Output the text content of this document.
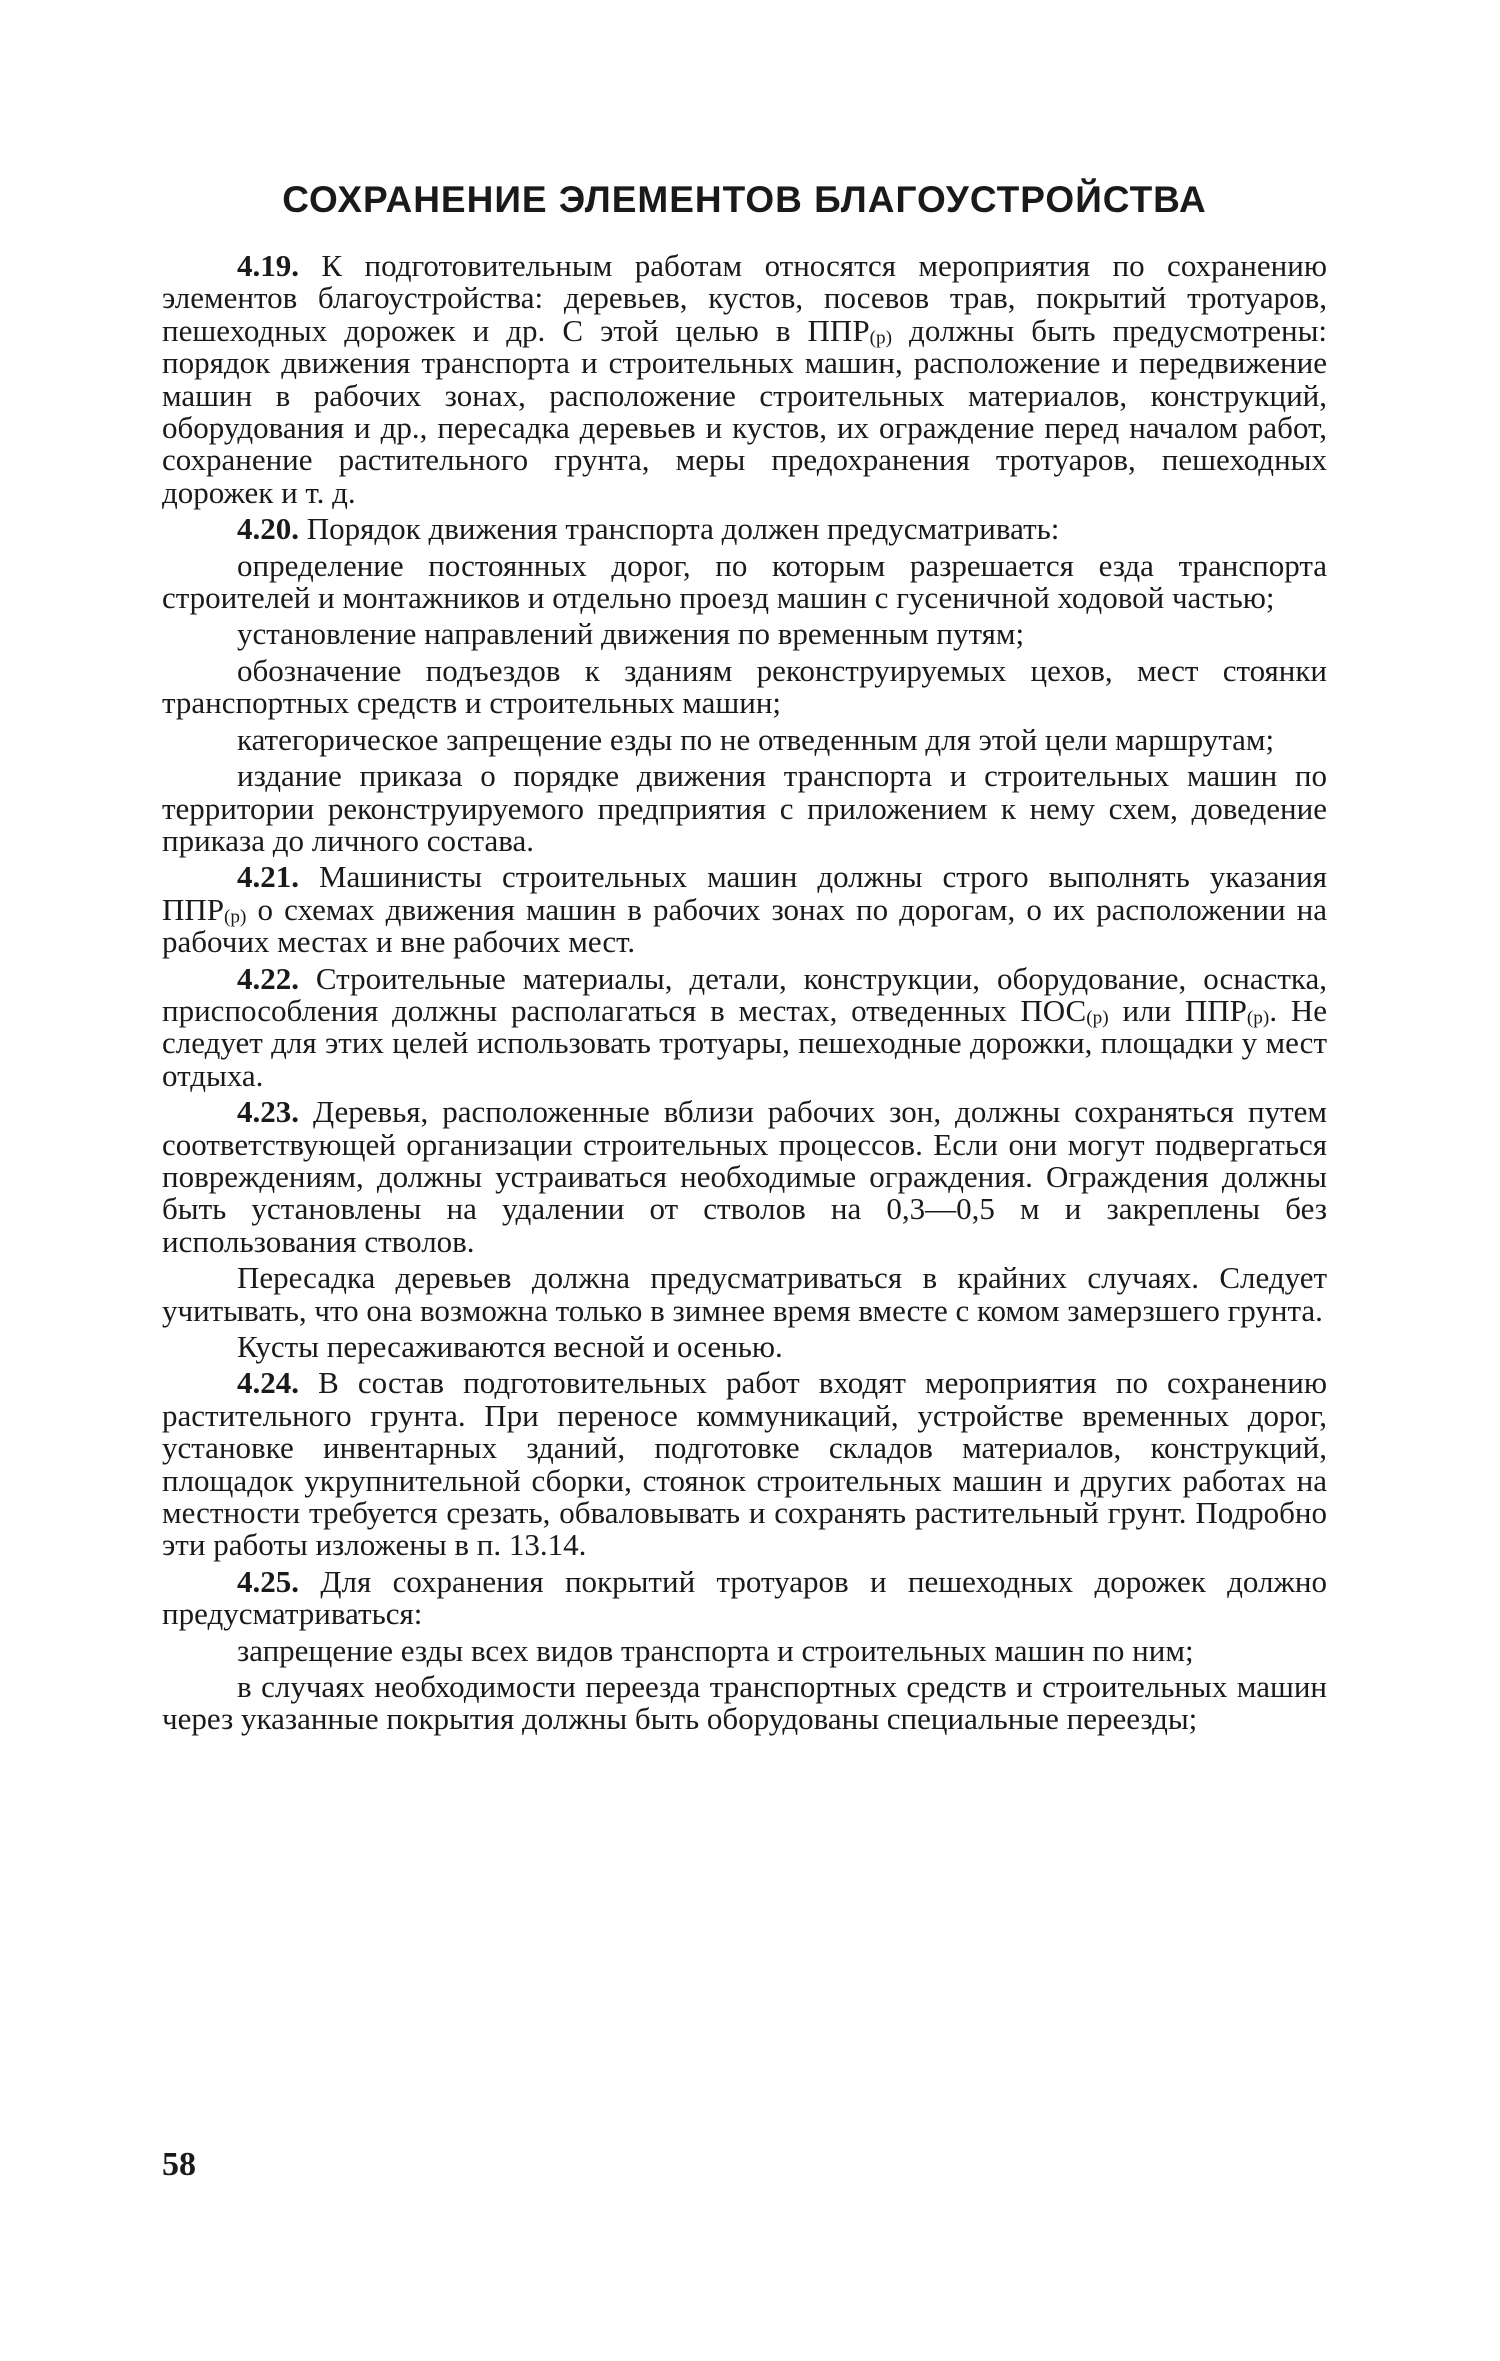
СОХРАНЕНИЕ ЭЛЕМЕНТОВ БЛАГОУСТРОЙСТВА

4.19. К подготовительным работам относятся мероприятия по сохранению элементов благоустройства: деревьев, кустов, посевов трав, покрытий тротуаров, пешеходных дорожек и др. С этой целью в ППР(р) должны быть предусмотрены: порядок движения транспорта и строительных машин, расположение и передвижение машин в рабочих зонах, расположение строительных материалов, конструкций, оборудования и др., пересадка деревьев и кустов, их ограждение перед началом работ, сохранение растительного грунта, меры предохранения тротуаров, пешеходных дорожек и т. д.

4.20. Порядок движения транспорта должен предусматривать:

определение постоянных дорог, по которым разрешается езда транспорта строителей и монтажников и отдельно проезд машин с гусеничной ходовой частью;

установление направлений движения по временным путям;

обозначение подъездов к зданиям реконструируемых цехов, мест стоянки транспортных средств и строительных машин;

категорическое запрещение езды по не отведенным для этой цели маршрутам;

издание приказа о порядке движения транспорта и строительных машин по территории реконструируемого предприятия с приложением к нему схем, доведение приказа до личного состава.

4.21. Машинисты строительных машин должны строго выполнять указания ППР(р) о схемах движения машин в рабочих зонах по дорогам, о их расположении на рабочих местах и вне рабочих мест.

4.22. Строительные материалы, детали, конструкции, оборудование, оснастка, приспособления должны располагаться в местах, отведенных ПОС(р) или ППР(р). Не следует для этих целей использовать тротуары, пешеходные дорожки, площадки у мест отдыха.

4.23. Деревья, расположенные вблизи рабочих зон, должны сохраняться путем соответствующей организации строительных процессов. Если они могут подвергаться повреждениям, должны устраиваться необходимые ограждения. Ограждения должны быть установлены на удалении от стволов на 0,3—0,5 м и закреплены без использования стволов.

Пересадка деревьев должна предусматриваться в крайних случаях. Следует учитывать, что она возможна только в зимнее время вместе с комом замерзшего грунта.

Кусты пересаживаются весной и осенью.

4.24. В состав подготовительных работ входят мероприятия по сохранению растительного грунта. При переносе коммуникаций, устройстве временных дорог, установке инвентарных зданий, подготовке складов материалов, конструкций, площадок укрупнительной сборки, стоянок строительных машин и других работах на местности требуется срезать, обваловывать и сохранять растительный грунт. Подробно эти работы изложены в п. 13.14.

4.25. Для сохранения покрытий тротуаров и пешеходных дорожек должно предусматриваться:

запрещение езды всех видов транспорта и строительных машин по ним;

в случаях необходимости переезда транспортных средств и строительных машин через указанные покрытия должны быть оборудованы специальные переезды;

58
